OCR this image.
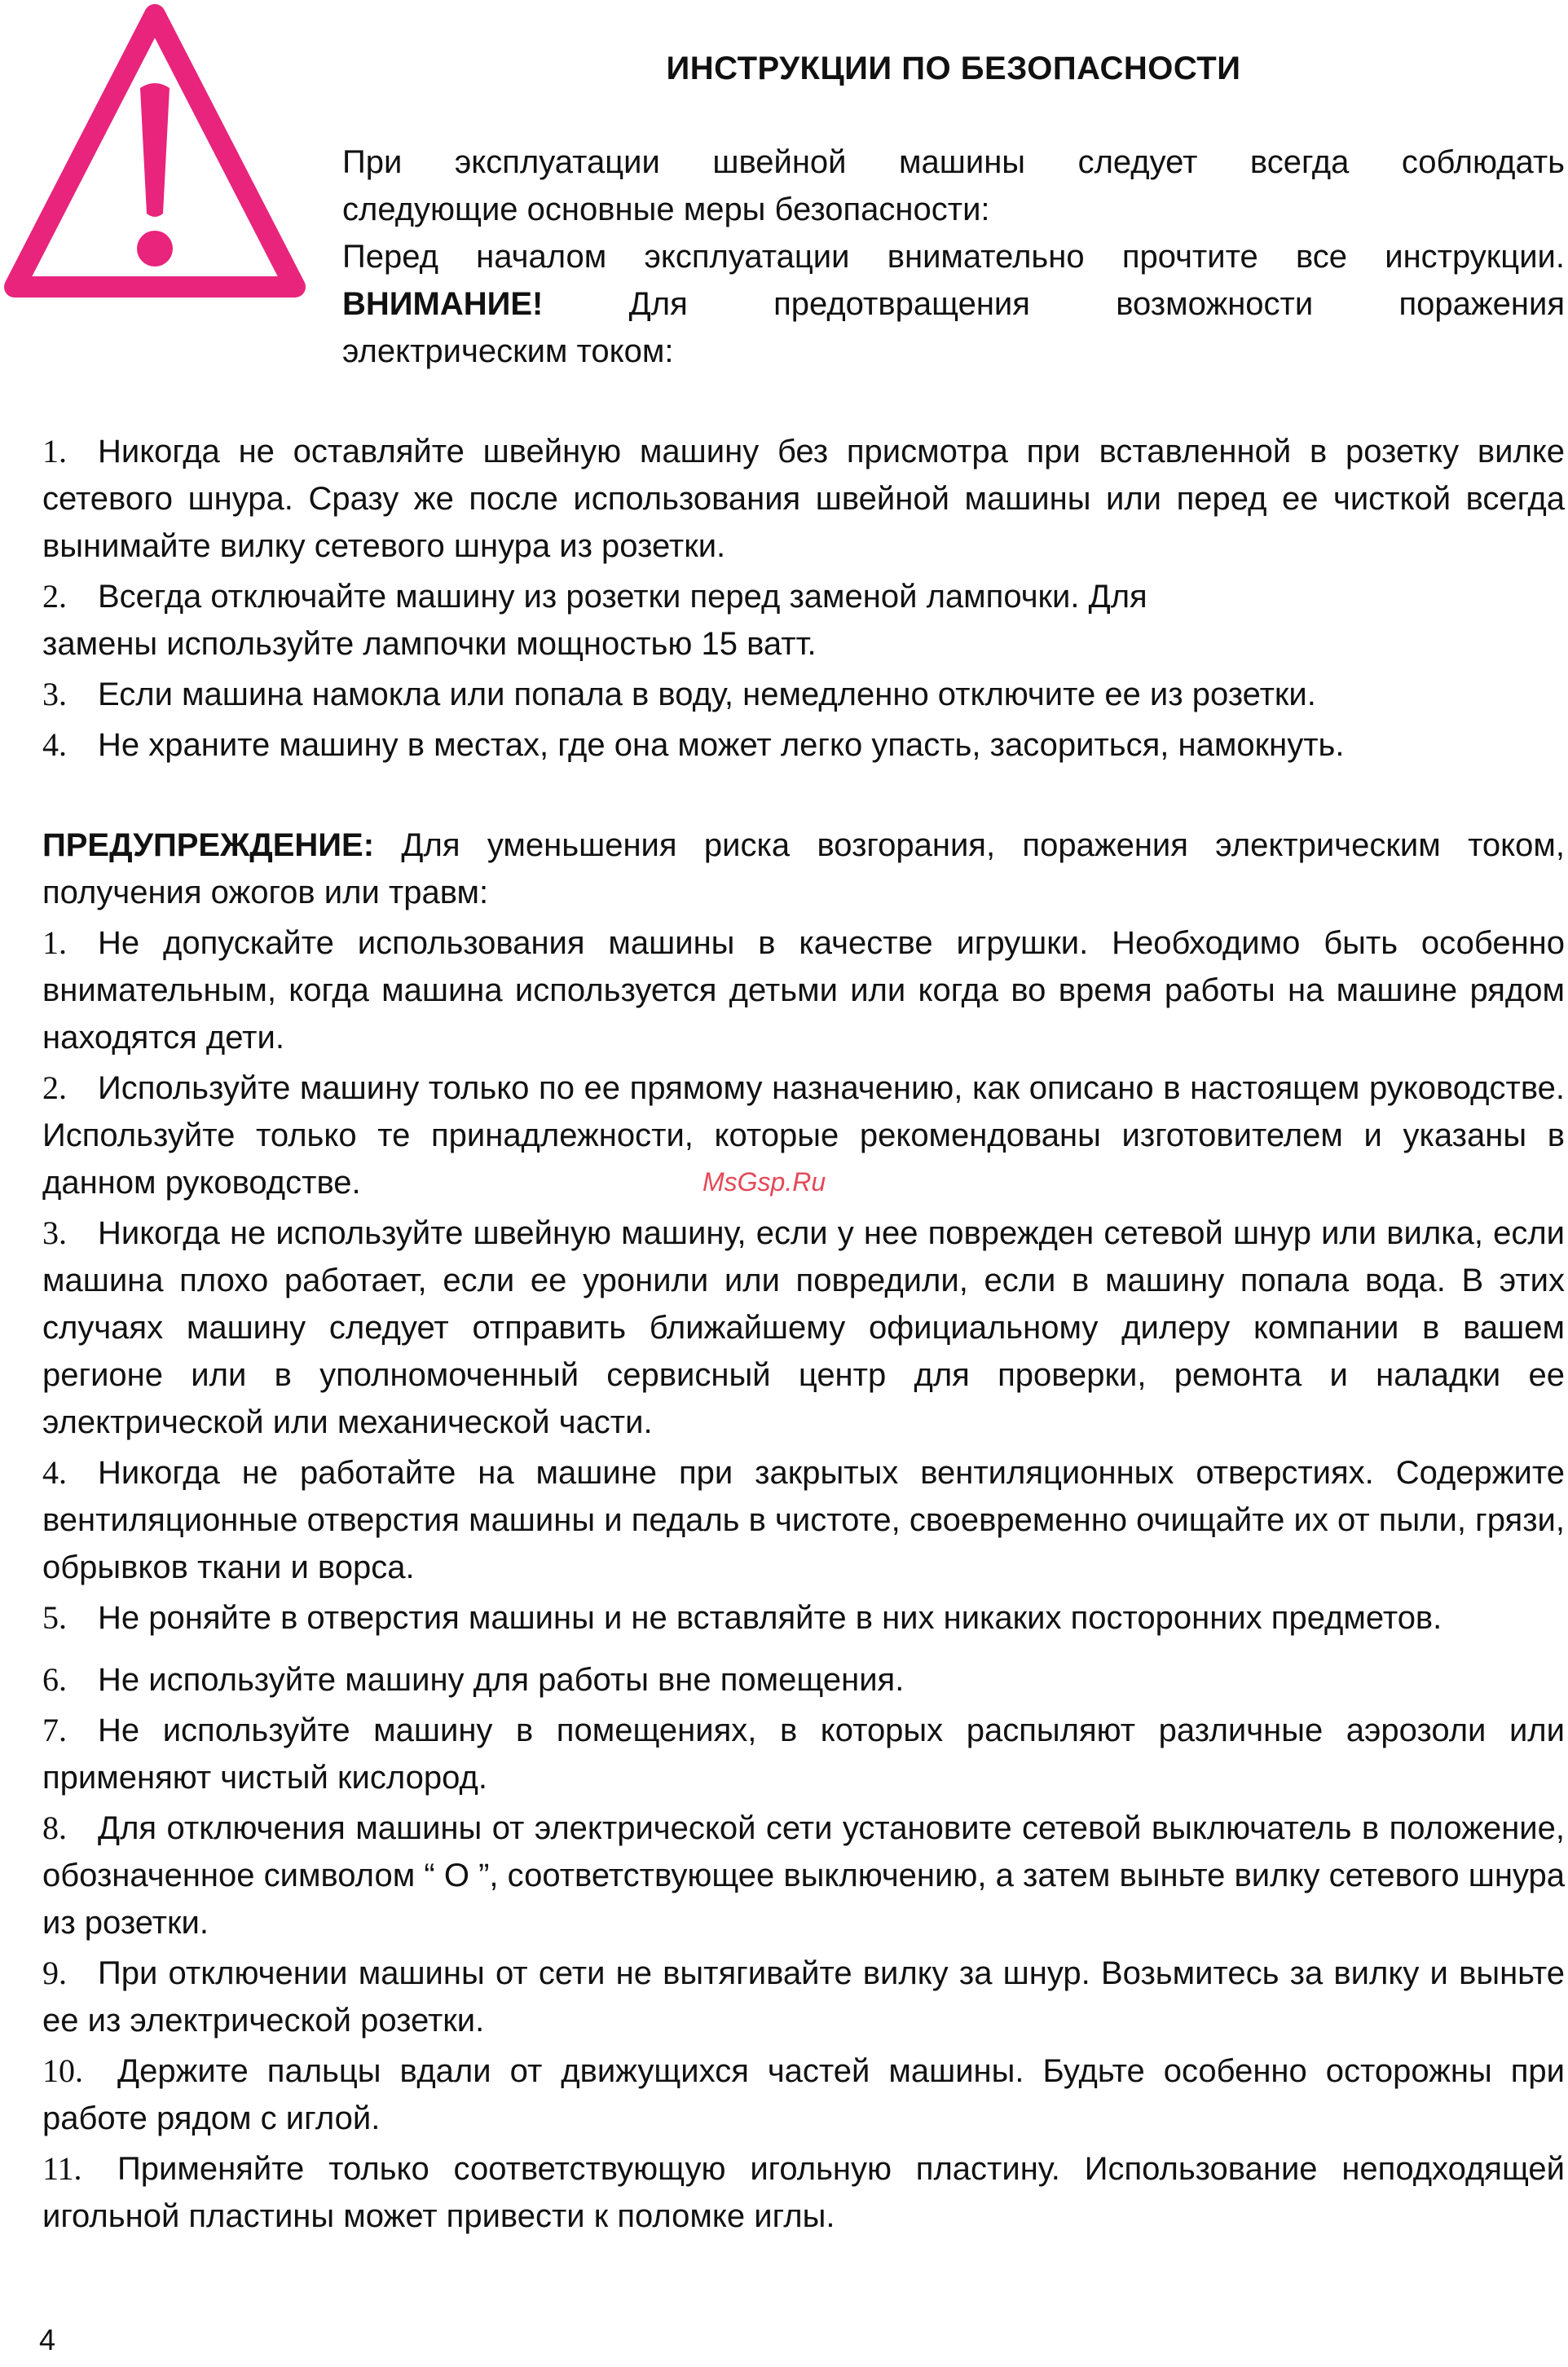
ИНСТРУКЦИИ ПО БЕЗОПАСНОСТИ
При эксплуатации швейной машины следует всегда соблюдать
следующие основные меры безопасности:
Перед началом эксплуатации внимательно прочтите все инструкции.
ВНИМАНИЕ! Для предотвращения возможности поражения
электрическим током:
1. Никогда не оставляйте швейную машину без присмотра при вставленной в розетку вилке сетевого шнура. Сразу же после использования швейной машины или перед ее чисткой всегда вынимайте вилку сетевого шнура из розетки.
2. Всегда отключайте машину из розетки перед заменой лампочки. Для
замены используйте лампочки мощностью 15 ватт.
3. Если машина намокла или попала в воду, немедленно отключите ее из розетки.
4. Не храните машину в местах, где она может легко упасть, засориться, намокнуть.
ПРЕДУПРЕЖДЕНИЕ: Для уменьшения риска возгорания, поражения электрическим током, получения ожогов или травм:
1. Не допускайте использования машины в качестве игрушки. Необходимо быть особенно внимательным, когда машина используется детьми или когда во время работы на машине рядом находятся дети.
2. Используйте машину только по ее прямому назначению, как описано в настоящем руководстве. Используйте только те принадлежности, которые рекомендованы изготовителем и указаны в данном руководстве.
3. Никогда не используйте швейную машину, если у нее поврежден сетевой шнур или вилка, если машина плохо работает, если ее уронили или повредили, если в машину попала вода. В этих случаях машину следует отправить ближайшему официальному дилеру компании в вашем регионе или в уполномоченный сервисный центр для проверки, ремонта и наладки ее электрической или механической части.
4. Никогда не работайте на машине при закрытых вентиляционных отверстиях. Содержите вентиляционные отверстия машины и педаль в чистоте, своевременно очищайте их от пыли, грязи, обрывков ткани и ворса.
5. Не роняйте в отверстия машины и не вставляйте в них никаких посторонних предметов.
6. Не используйте машину для работы вне помещения.
7. Не используйте машину в помещениях, в которых распыляют различные аэрозоли или применяют чистый кислород.
8. Для отключения машины от электрической сети установите сетевой выключатель в положение, обозначенное символом “ O ”, соответствующее выключению, а затем выньте вилку сетевого шнура из розетки.
9. При отключении машины от сети не вытягивайте вилку за шнур. Возьмитесь за вилку и выньте ее из электрической розетки.
10. Держите пальцы вдали от движущихся частей машины. Будьте особенно осторожны при работе рядом с иглой.
11. Применяйте только соответствующую игольную пластину. Использование неподходящей игольной пластины может привести к поломке иглы.
MsGsp.Ru
4
